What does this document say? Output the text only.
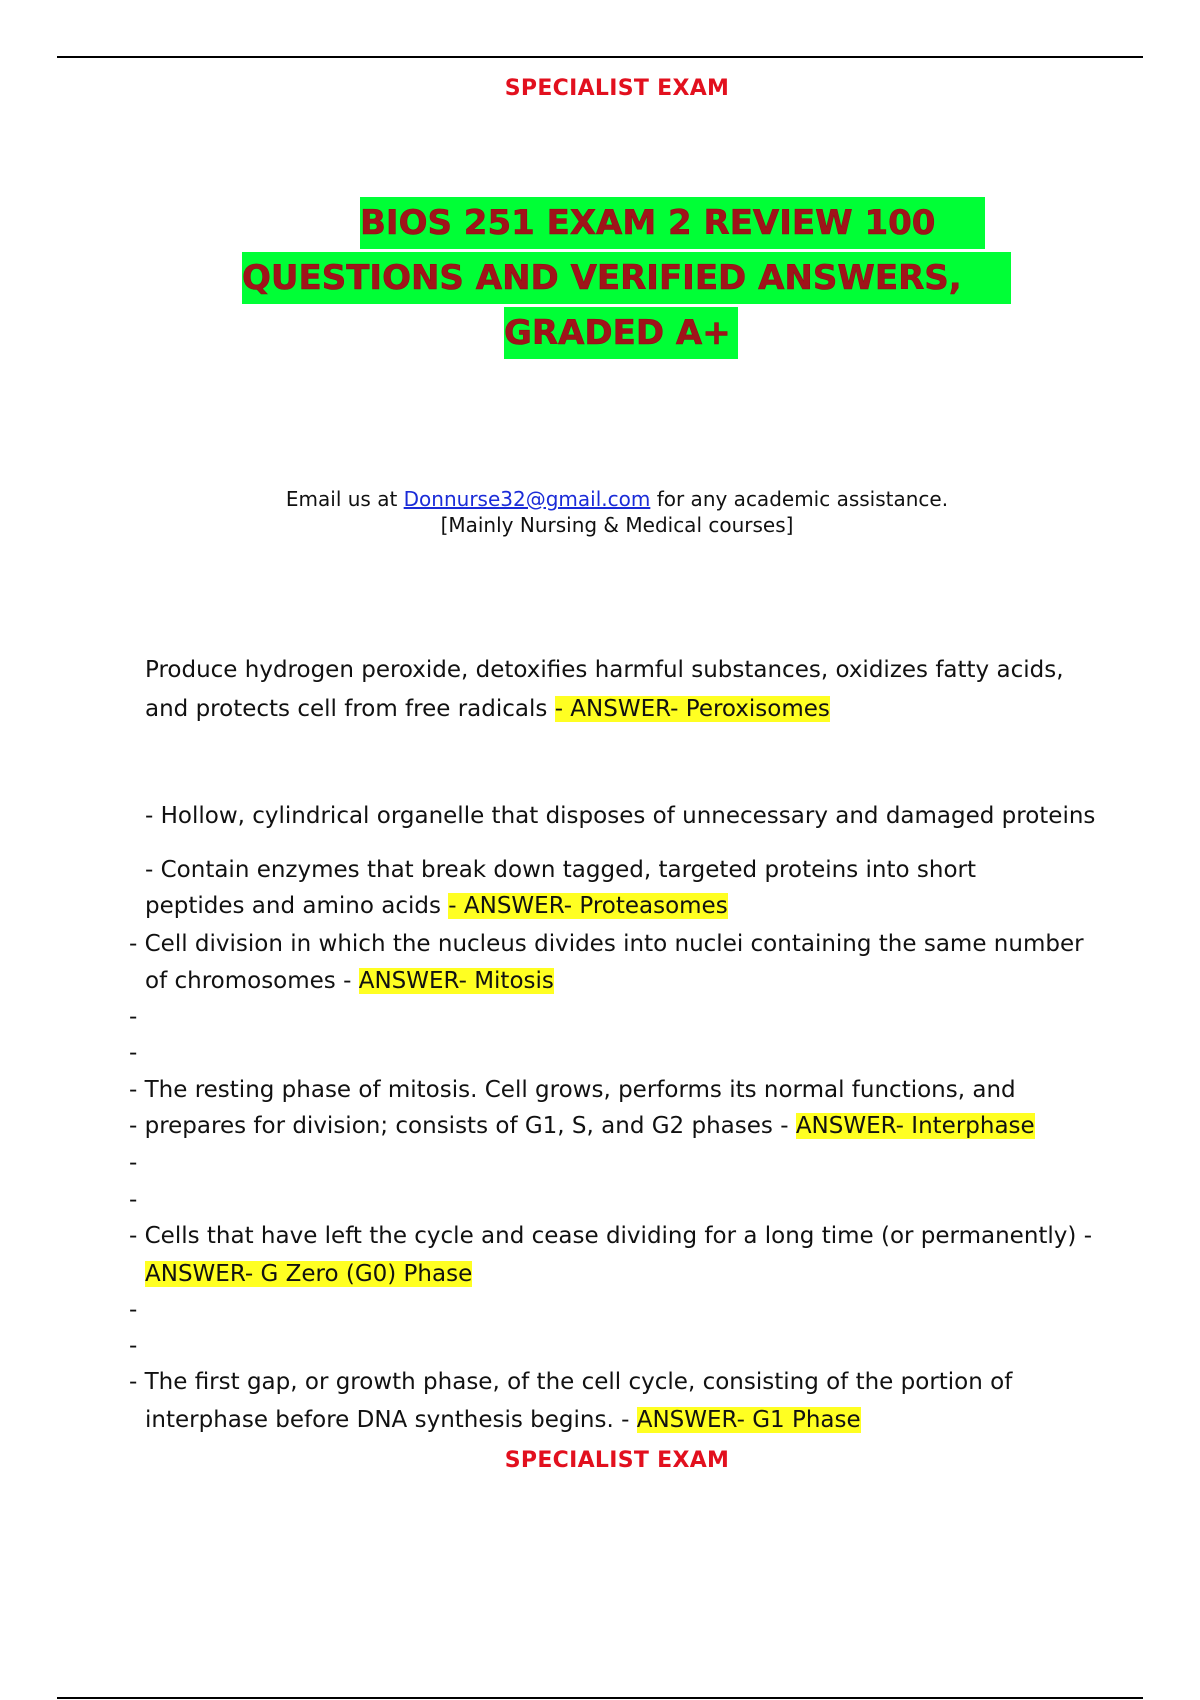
SPECIALIST EXAM
BIOS 251 EXAM 2 REVIEW 100
QUESTIONS AND VERIFIED ANSWERS,
GRADED A+
Email us at Donnurse32@gmail.com for any academic assistance.
[Mainly Nursing & Medical courses]
Produce hydrogen peroxide, detoxifies harmful substances, oxidizes fatty acids,
and protects cell from free radicals - ANSWER- Peroxisomes
- Hollow, cylindrical organelle that disposes of unnecessary and damaged proteins
- Contain enzymes that break down tagged, targeted proteins into short
peptides and amino acids - ANSWER- Proteasomes
- Cell division in which the nucleus divides into nuclei containing the same number
of chromosomes - ANSWER- Mitosis
-
-
- The resting phase of mitosis. Cell grows, performs its normal functions, and
- prepares for division; consists of G1, S, and G2 phases - ANSWER- Interphase
-
-
- Cells that have left the cycle and cease dividing for a long time (or permanently) -
ANSWER- G Zero (G0) Phase
-
-
- The first gap, or growth phase, of the cell cycle, consisting of the portion of
interphase before DNA synthesis begins. - ANSWER- G1 Phase
SPECIALIST EXAM
